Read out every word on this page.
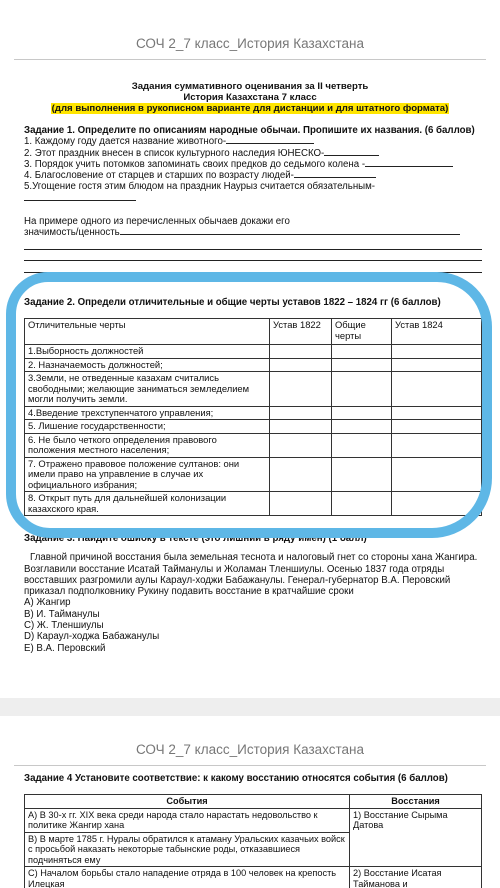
СОЧ 2_7 класс_История Казахстана
Задания суммативного оценивания за II четверть
История Казахстана 7 класс
(для выполнения в рукописном варианте для дистанции и для штатного формата)
Задание 1. Определите по описаниям народные обычаи. Пропишите их названия. (6 баллов)
1. Каждому году дается название животного-
2. Этот праздник внесен в список культурного наследия ЮНЕСКО-
3. Порядок учить потомков запоминать своих предков до седьмого колена -
4. Благословение от старцев и старших по возрасту людей-
5.Угощение гостя этим блюдом на праздник Наурыз считается обязательным-
На примере одного из перечисленных обычаев докажи его
значимость/ценность
Задание 2. Определи отличительные и общие черты уставов 1822 – 1824 гг (6 баллов)
Отличительные черты	Устав 1822	Общие черты	Устав 1824
1.Выборность должностей			
2. Назначаемость должностей;			
3.Земли, не отведенные казахам считались свободными; желающие заниматься земледелием могли получить земли.			
4.Введение трехступенчатого управления;			
5. Лишение государственности;			
6. Не было четкого определения правового положения местного населения;			
7. Отражено правовое положение султанов: они имели право на управление в случае их официального избрания;			
8. Открыт путь для дальнейшей колонизации казахского края.			
Задание 3. Найдите ошибку в тексте (это лишний в ряду имен) (1 балл)
Главной причиной восстания была земельная теснота и налоговый гнет со стороны хана Жангира. Возглавили восстание Исатай Тайманулы и Жоламан Тленшиулы. Осенью 1837 года отряды восставших разгромили аулы Караул-ходжи Бабажанулы. Генерал-губернатор В.А. Перовский приказал подполковнику Рукину подавить восстание в кратчайшие сроки
А) Жангир
В) И. Тайманулы
С) Ж. Тленшиулы
D) Караул-ходжа Бабажанулы
Е) В.А. Перовский
СОЧ 2_7 класс_История Казахстана
Задание 4 Установите соответствие: к какому восстанию относятся события (6 баллов)
События	Восстания
А) В 30-х гг. XIX века среди народа стало нарастать недовольство к политике Жангир хана	1) Восстание Сырыма Датова
В) В марте 1785 г. Нуралы обратился к атаману Уральских казачьих войск с просьбой наказать некоторые табынские роды, отказавшиеся подчиняться ему	
С) Началом борьбы стало нападение отряда в 100 человек на крепость Илецкая	2) Восстание Исатая Тайманова и
